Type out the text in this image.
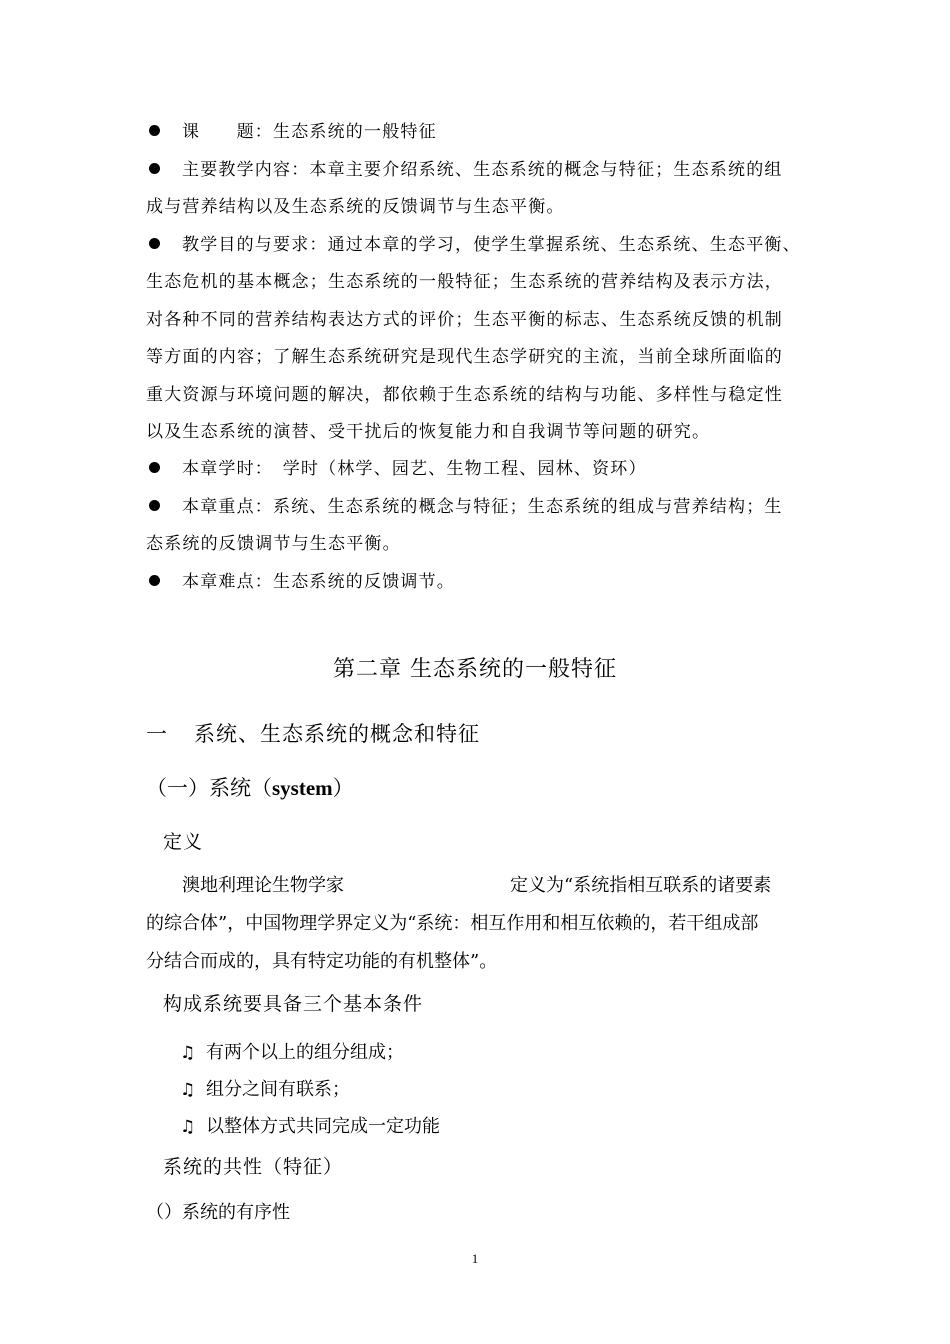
课　　题：生态系统的一般特征
主要教学内容：本章主要介绍系统、生态系统的概念与特征；生态系统的组
成与营养结构以及生态系统的反馈调节与生态平衡。
教学目的与要求：通过本章的学习，使学生掌握系统、生态系统、生态平衡、
生态危机的基本概念；生态系统的一般特征；生态系统的营养结构及表示方法，
对各种不同的营养结构表达方式的评价；生态平衡的标志、生态系统反馈的机制
等方面的内容；了解生态系统研究是现代生态学研究的主流，当前全球所面临的
重大资源与环境问题的解决，都依赖于生态系统的结构与功能、多样性与稳定性
以及生态系统的演替、受干扰后的恢复能力和自我调节等问题的研究。
本章学时：　学时（林学、园艺、生物工程、园林、资环）
本章重点：系统、生态系统的概念与特征；生态系统的组成与营养结构；生
态系统的反馈调节与生态平衡。
本章难点：生态系统的反馈调节。
第二章 生态系统的一般特征
一 系统、生态系统的概念和特征
（一）系统（system）
定义
澳地利理论生物学家	定义为“系统指相互联系的诸要素
的综合体”，中国物理学界定义为“系统：相互作用和相互依赖的，若干组成部
分结合而成的，具有特定功能的有机整体”。
构成系统要具备三个基本条件
♫ 有两个以上的组分组成；
♫ 组分之间有联系；
♫ 以整体方式共同完成一定功能
系统的共性（特征）
（）系统的有序性
1
